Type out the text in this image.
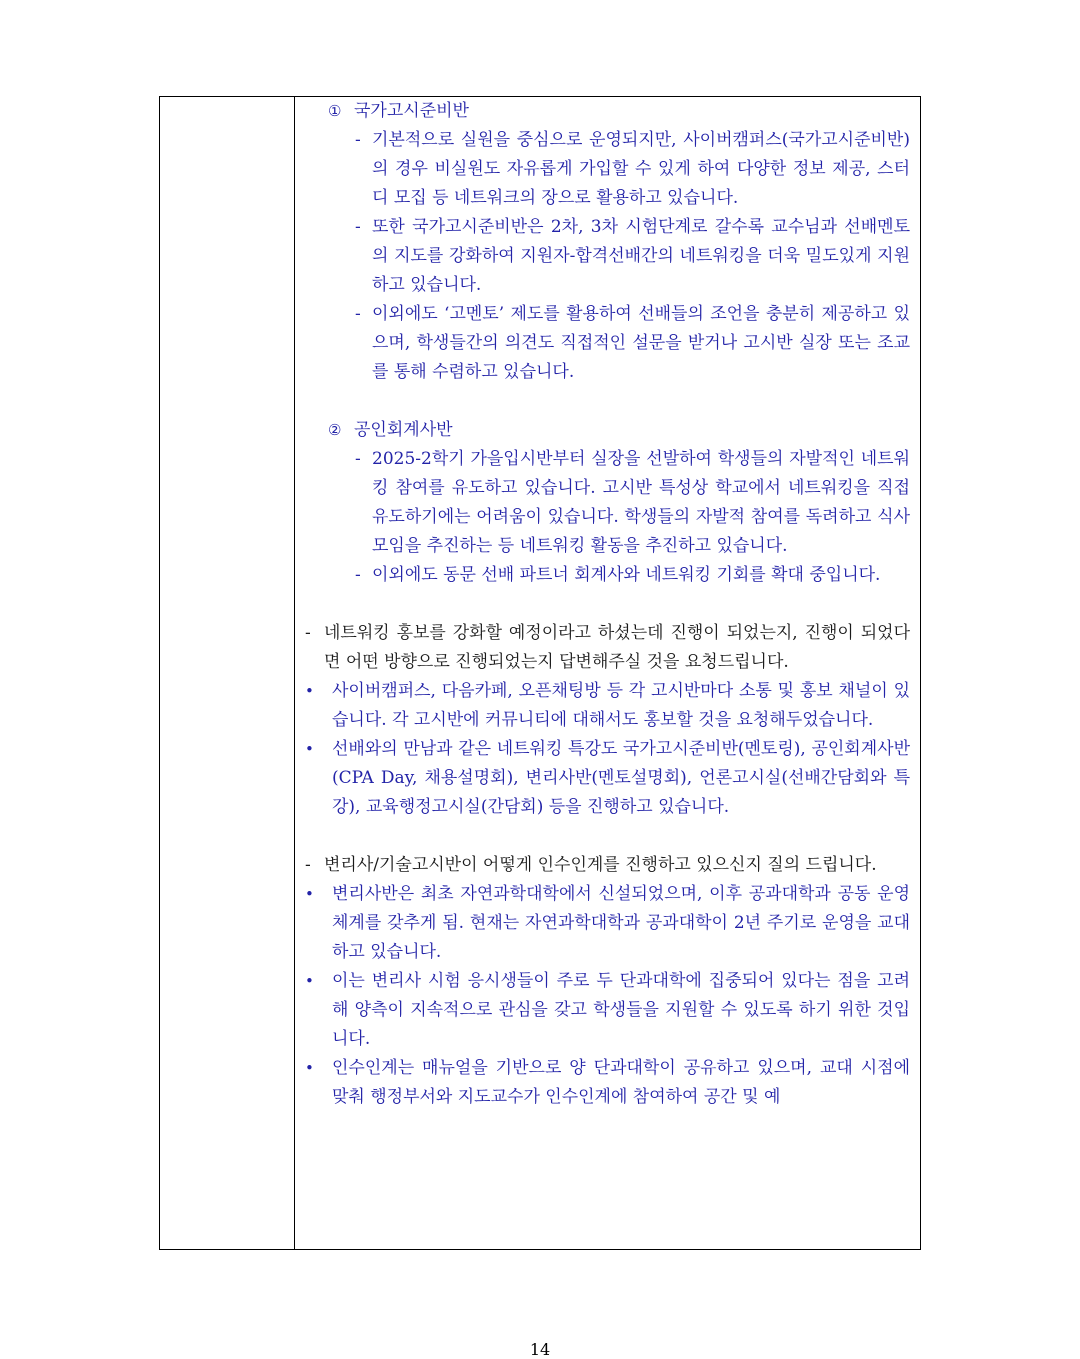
① 국가고시준비반
- 기본적으로 실원을 중심으로 운영되지만, 사이버캠퍼스(국가고시준비반)의 경우 비실원도 자유롭게 가입할 수 있게 하여 다양한 정보 제공, 스터디 모집 등 네트워크의 장으로 활용하고 있습니다.
- 또한 국가고시준비반은 2차, 3차 시험단계로 갈수록 교수님과 선배멘토의 지도를 강화하여 지원자-합격선배간의 네트워킹을 더욱 밀도있게 지원하고 있습니다.
- 이외에도 ‘고멘토’ 제도를 활용하여 선배들의 조언을 충분히 제공하고 있으며, 학생들간의 의견도 직접적인 설문을 받거나 고시반 실장 또는 조교를 통해 수렴하고 있습니다.
② 공인회계사반
- 2025-2학기 가을입시반부터 실장을 선발하여 학생들의 자발적인 네트워킹 참여를 유도하고 있습니다. 고시반 특성상 학교에서 네트워킹을 직접 유도하기에는 어려움이 있습니다. 학생들의 자발적 참여를 독려하고 식사 모임을 추진하는 등 네트워킹 활동을 추진하고 있습니다.
- 이외에도 동문 선배 파트너 회계사와 네트워킹 기회를 확대 중입니다.
- 네트워킹 홍보를 강화할 예정이라고 하셨는데 진행이 되었는지, 진행이 되었다면 어떤 방향으로 진행되었는지 답변해주실 것을 요청드립니다.
• 사이버캠퍼스, 다음카페, 오픈채팅방 등 각 고시반마다 소통 및 홍보 채널이 있습니다. 각 고시반에 커뮤니티에 대해서도 홍보할 것을 요청해두었습니다.
• 선배와의 만남과 같은 네트워킹 특강도 국가고시준비반(멘토링), 공인회계사반(CPA Day, 채용설명회), 변리사반(멘토설명회), 언론고시실(선배간담회와 특강), 교육행정고시실(간담회) 등을 진행하고 있습니다.
- 변리사/기술고시반이 어떻게 인수인계를 진행하고 있으신지 질의 드립니다.
• 변리사반은 최초 자연과학대학에서 신설되었으며, 이후 공과대학과 공동 운영 체계를 갖추게 됨. 현재는 자연과학대학과 공과대학이 2년 주기로 운영을 교대하고 있습니다.
• 이는 변리사 시험 응시생들이 주로 두 단과대학에 집중되어 있다는 점을 고려해 양측이 지속적으로 관심을 갖고 학생들을 지원할 수 있도록 하기 위한 것입니다.
• 인수인계는 매뉴얼을 기반으로 양 단과대학이 공유하고 있으며, 교대 시점에 맞춰 행정부서와 지도교수가 인수인계에 참여하여 공간 및 예
14
